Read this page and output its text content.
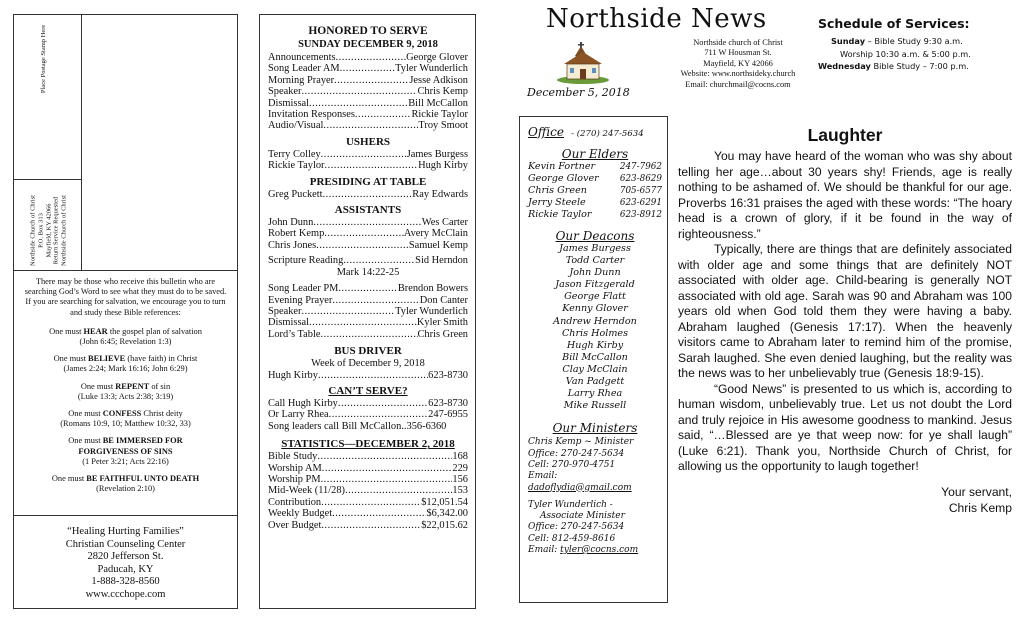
Place Postage Stamp Here
Northside Church of Christ P.O. Box 313 Mayfield, KY 42066 Return Service Requested Northside Church of Christ
There may be those who receive this bulletin who are searching God’s Word to see what they must do to be saved. If you are searching for salvation, we encourage you to turn and study these Bible references:
One must HEAR the gospel plan of salvation
(John 6:45; Revelation 1:3)
One must BELIEVE (have faith) in Christ
(James 2:24; Mark 16:16; John 6:29)
One must REPENT of sin
(Luke 13:3; Acts 2:38; 3:19)
One must CONFESS Christ deity
(Romans 10:9, 10; Matthew 10:32, 33)
One must BE IMMERSED FOR FORGIVENESS OF SINS
(1 Peter 3:21; Acts 22:16)
One must BE FAITHFUL UNTO DEATH
(Revelation 2:10)
“Healing Hurting Families”
Christian Counseling Center
2820 Jefferson St.
Paducah, KY
1-888-328-8560
www.ccchope.com
HONORED TO SERVE
SUNDAY DECEMBER 9, 2018
Announcements .....	George Glover
Song Leader AM .....	Tyler Wunderlich
Morning Prayer .....	Jesse Adkison
Speaker .....	Chris Kemp
Dismissal .....	Bill McCallon
Invitation Responses .....	Rickie Taylor
Audio/Visual .....	Troy Smoot
USHERS
Terry Colley .....	James Burgess
Rickie Taylor .....	Hugh Kirby
PRESIDING AT TABLE
Greg Puckett .....	Ray Edwards
ASSISTANTS
John Dunn .....	Wes Carter
Robert Kemp .....	Avery McClain
Chris Jones .....	Samuel Kemp
Scripture Reading .....	Sid Herndon
Mark 14:22-25
Song Leader PM .....	Brendon Bowers
Evening Prayer .....	Don Canter
Speaker .....	Tyler Wunderlich
Dismissal .....	Kyler Smith
Lord’s Table .....	Chris Green
BUS DRIVER
Week of December 9, 2018
Hugh Kirby .....	623-8730
CAN’T SERVE?
Call Hugh Kirby .....	623-8730
Or Larry Rhea .....	247-6955
Song leaders call Bill McCallon..356-6360
STATISTICS—DECEMBER 2, 2018
Bible Study .....	168
Worship AM .....	229
Worship PM .....	156
Mid-Week (11/28) .....	153
Contribution .....	$12,051.54
Weekly Budget .....	$6,342.00
Over Budget .....	$22,015.62
Northside News
December 5, 2018
Northside church of Christ
711 W Housman St.
Mayfield, KY 42066
Website: www.northsideky.church
Email: churchmail@cocns.com
Schedule of Services:
Sunday – Bible Study 9:30 a.m.
Worship 10:30 a.m. & 5:00 p.m.
Wednesday Bible Study – 7:00 p.m.
Office - (270) 247-5634
Our Elders
Kevin Fortner	247-7962
George Glover 623-8629
Chris Green	705-6577
Jerry Steele	623-6291
Rickie Taylor	623-8912
Our Deacons
James Burgess
Todd Carter
John Dunn
Jason Fitzgerald
George Flatt
Kenny Glover
Andrew Herndon
Chris Holmes
Hugh Kirby
Bill McCallon
Clay McClain
Van Padgett
Larry Rhea
Mike Russell
Our Ministers
Chris Kemp ~ Minister
Office: 270-247-5634
Cell: 270-970-4751
Email: dadoflydia@gmail.com
Tyler Wunderlich -
Associate Minister
Office: 270-247-5634
Cell: 812-459-8616
Email: tyler@cocns.com
Laughter

You may have heard of the woman who was shy about telling her age…about 30 years shy! Friends, age is really nothing to be ashamed of. We should be thankful for our age. Proverbs 16:31 praises the aged with these words: “The hoary head is a crown of glory, if it be found in the way of righteousness.”

Typically, there are things that are definitely associated with older age and some things that are definitely NOT associated with older age. Child-bearing is generally NOT associated with old age. Sarah was 90 and Abraham was 100 years old when God told them they were having a baby. Abraham laughed (Genesis 17:17). When the heavenly visitors came to Abraham later to remind him of the promise, Sarah laughed. She even denied laughing, but the reality was the news was to her unbelievably true (Genesis 18:9-15).

“Good News” is presented to us which is, according to human wisdom, unbelievably true. Let us not doubt the Lord and truly rejoice in His awesome goodness to mankind. Jesus said, “…Blessed are ye that weep now: for ye shall laugh” (Luke 6:21). Thank you, Northside Church of Christ, for allowing us the opportunity to laugh together!

Your servant,
Chris Kemp
